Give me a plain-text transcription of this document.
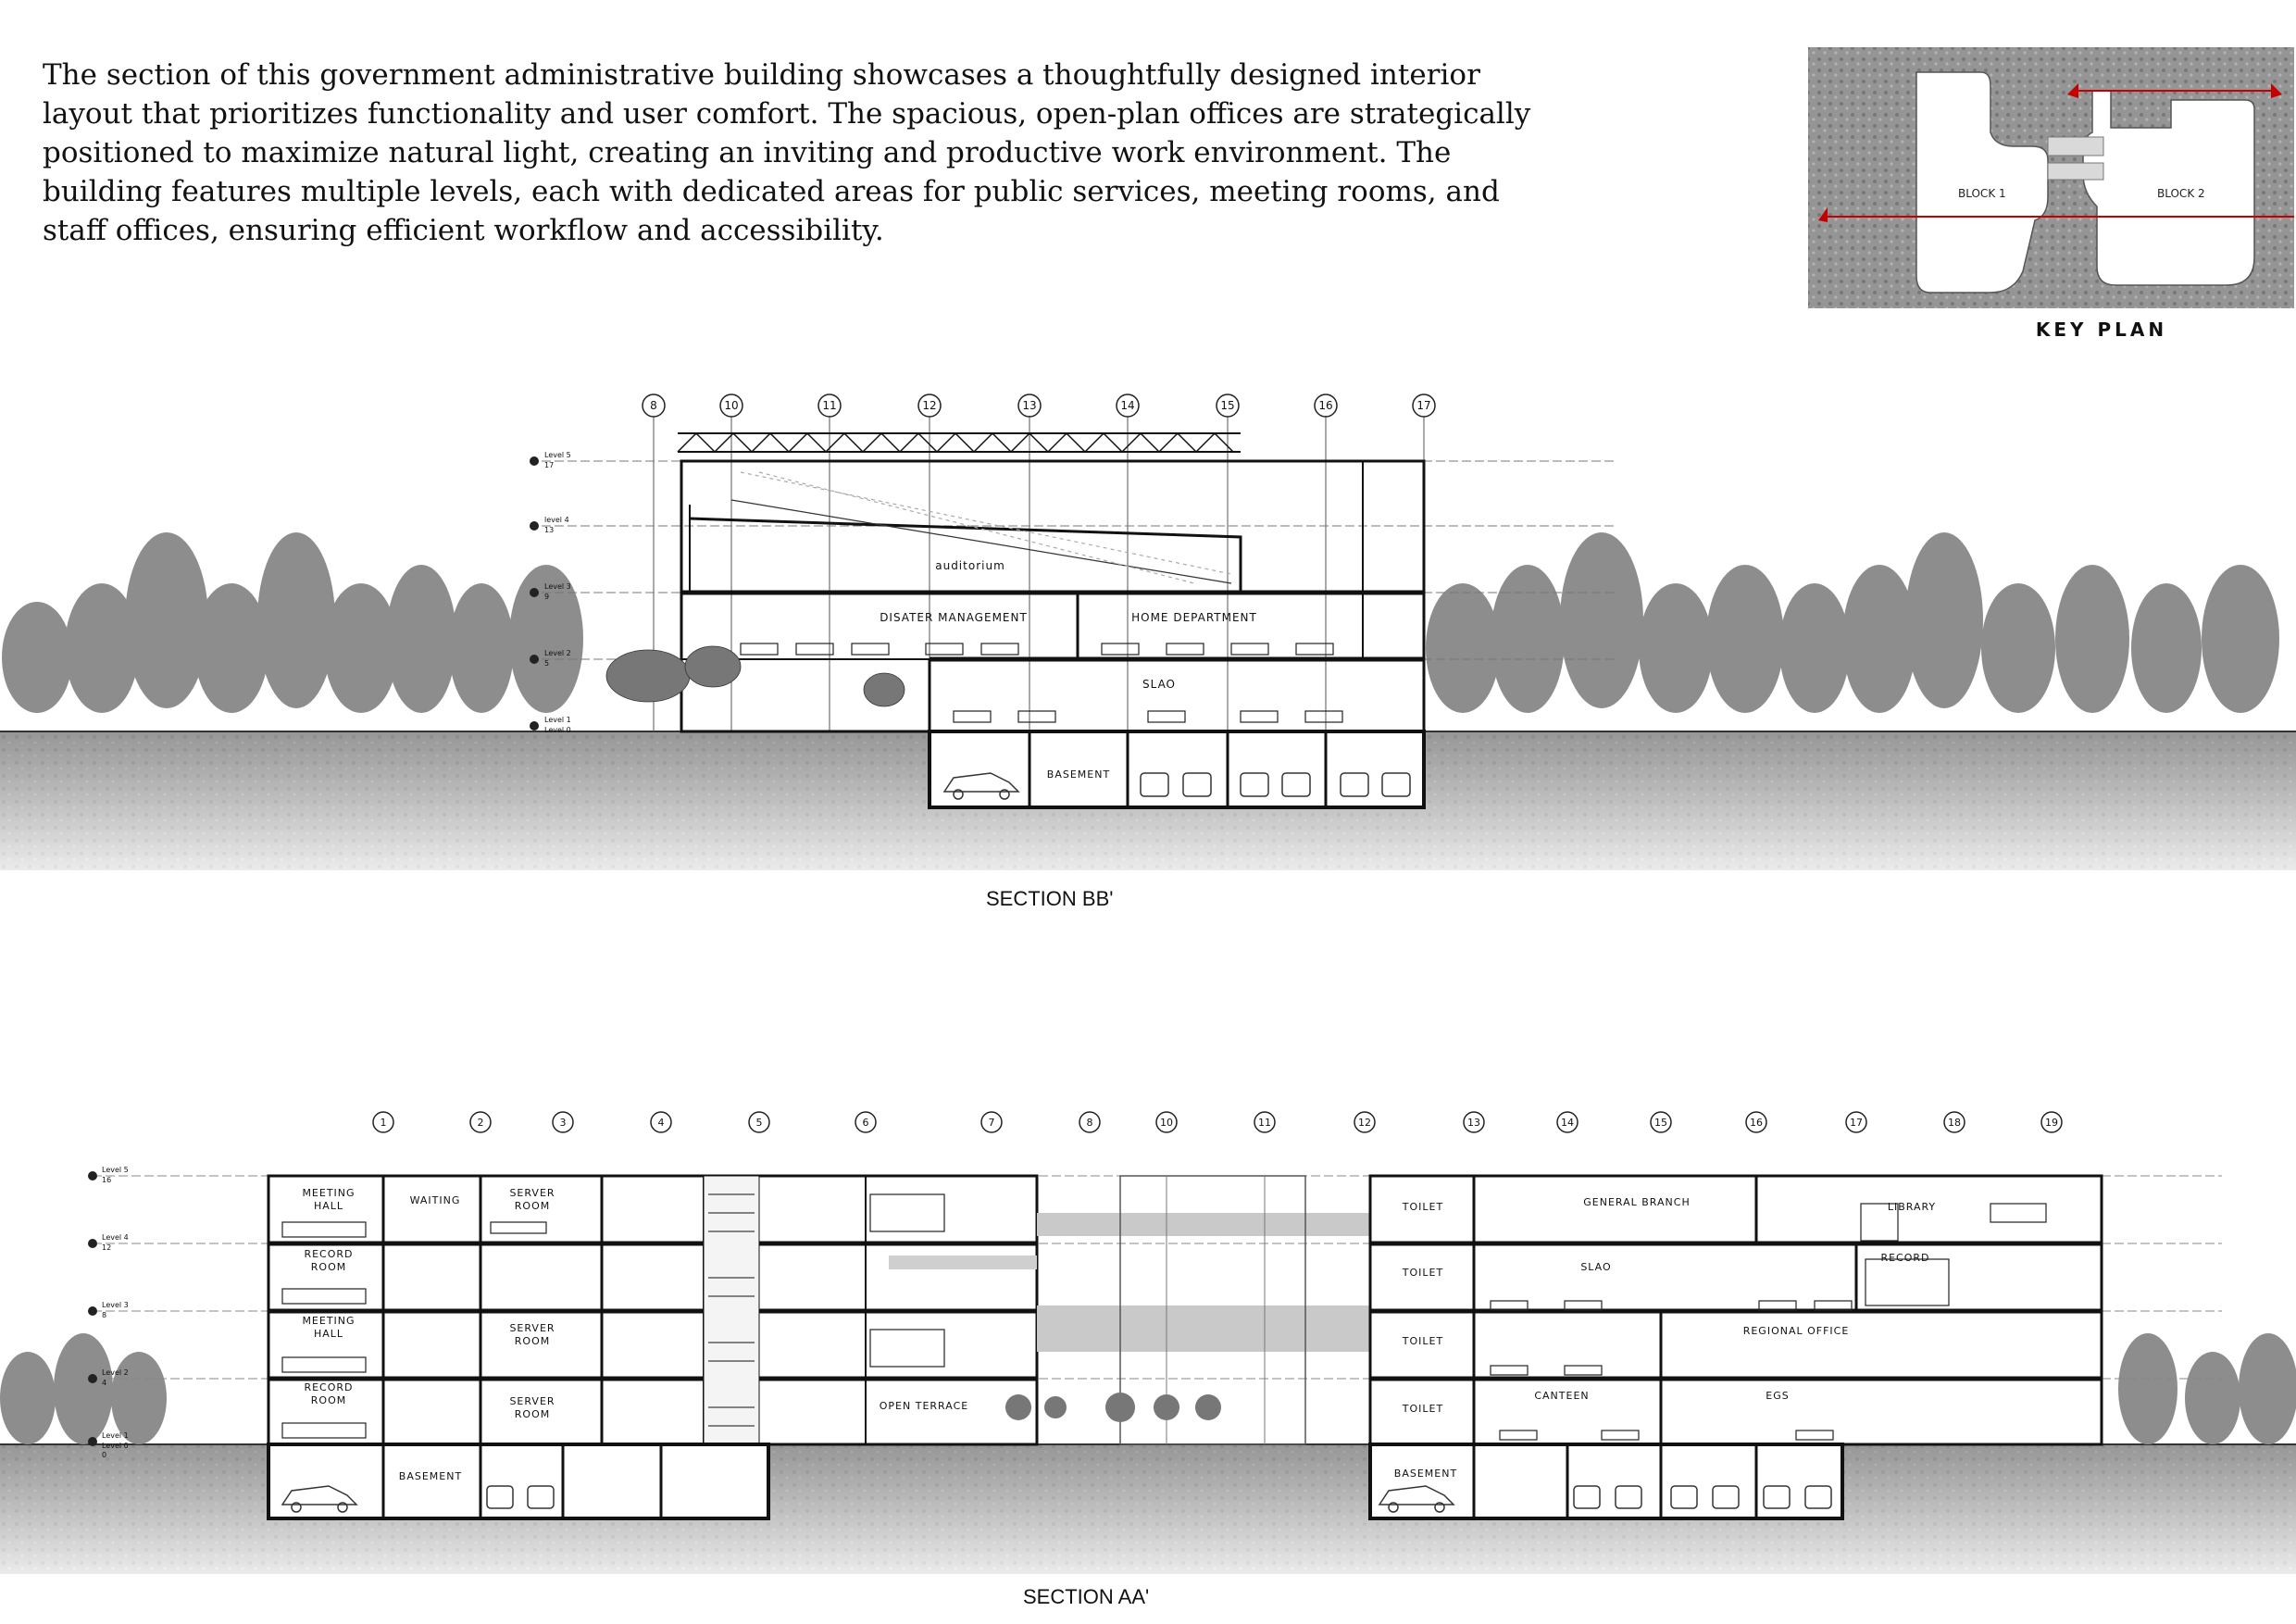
The section of this government administrative building showcases a thoughtfully designed interior layout that prioritizes functionality and user comfort. The spacious, open-plan offices are strategically positioned to maximize natural light, creating an inviting and productive work environment. The building features multiple levels, each with dedicated areas for public services, meeting rooms, and staff offices, ensuring efficient workflow and accessibility.
BLOCK 1	BLOCK 2
KEY PLAN
8	10	11	12	13	14	15	16	17
Level 5
17
level 4
13
Level 3
9
Level 2
5
Level 1
Level 0
auditorium
DISATER MANAGEMENT	HOME DEPARTMENT
SLAO
BASEMENT
SECTION BB'
1	2	3	4	5	6	7	8	10	11	12	13	14	15	16	17	18	19
Level 5
16
Level 4
12
Level 3
8
Level 2
4
Level 1
Level 0
0
MEETING
HALL	WAITING
SERVER
ROOM
RECORD
ROOM
MEETING
HALL	SERVER
ROOM
RECORD
ROOM	SERVER
ROOM
OPEN TERRACE
BASEMENT	BASEMENT
TOILET
TOILET
TOILET
TOILET
GENERAL BRANCH	LIBRARY
SLAO
RECORD
REGIONAL OFFICE
CANTEEN	EGS
SECTION AA'
